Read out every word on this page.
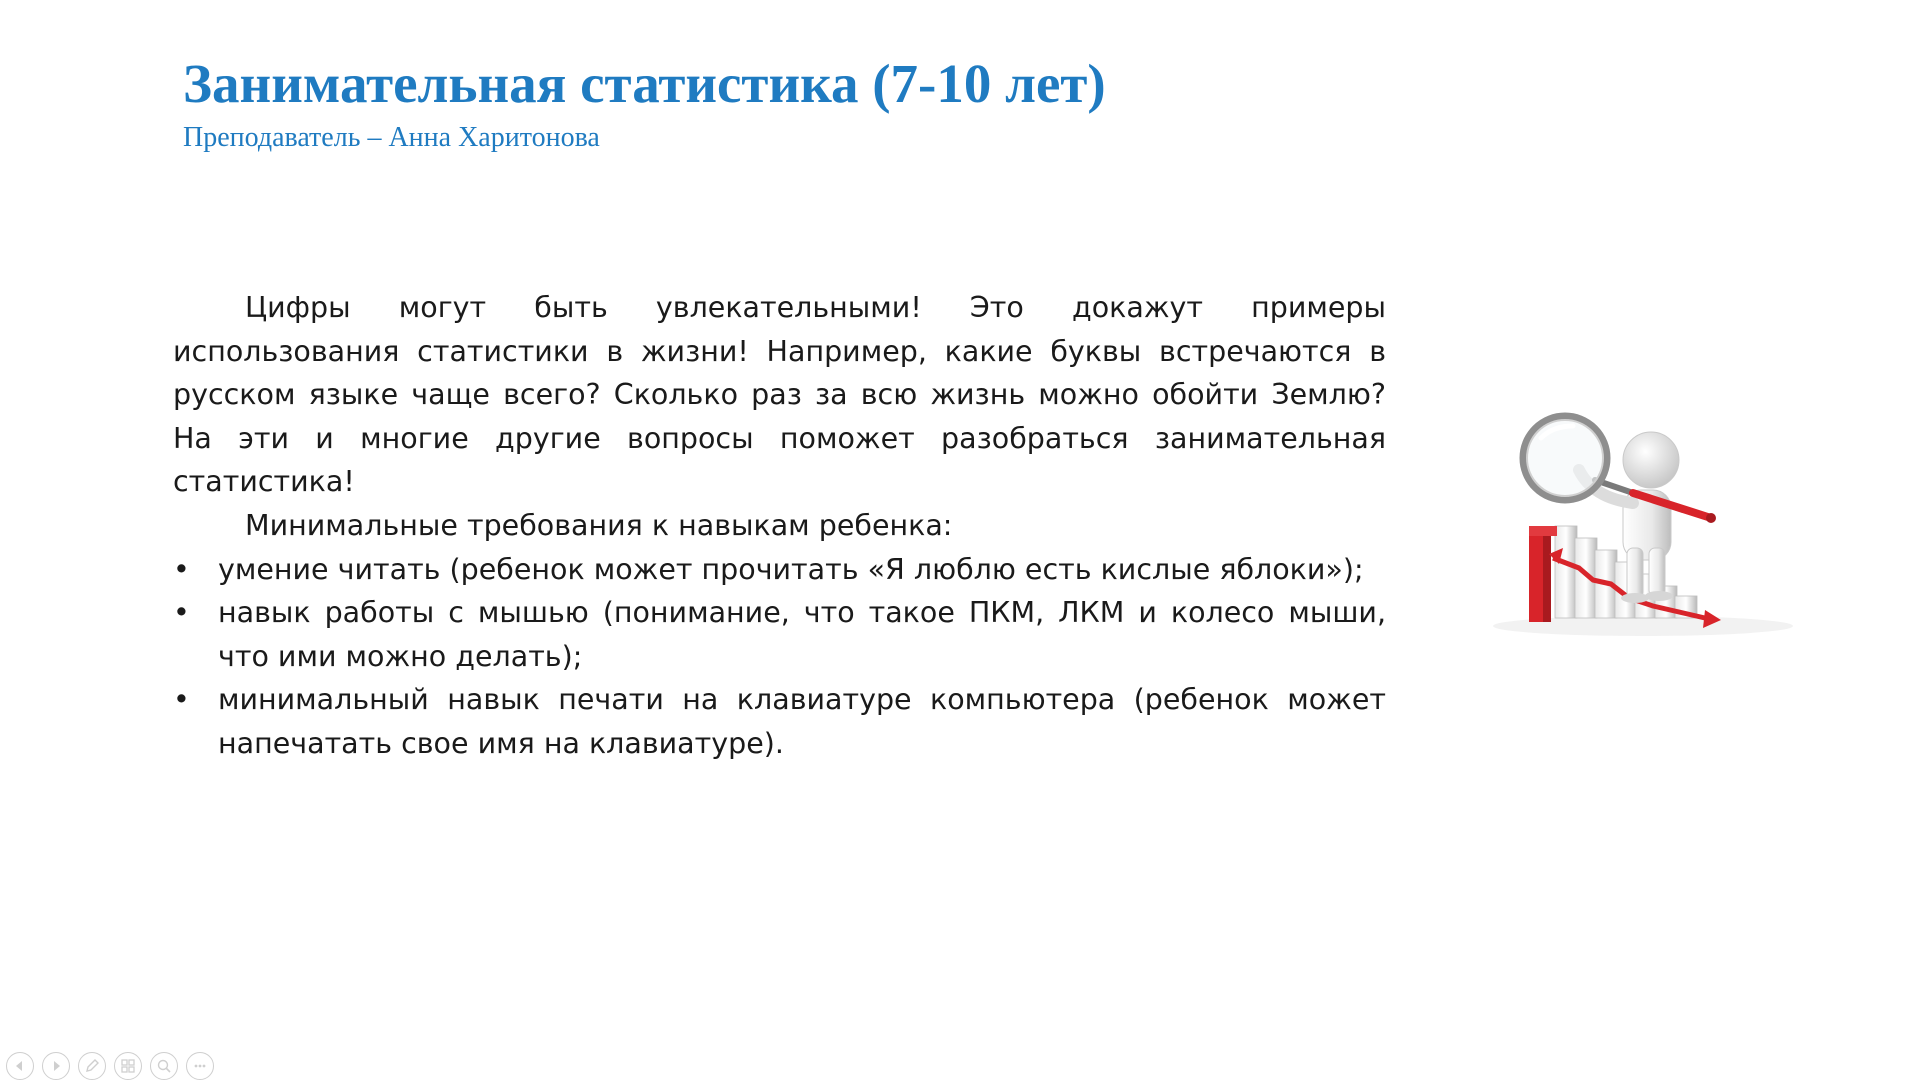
Занимательная статистика (7-10 лет)
Преподаватель – Анна Харитонова

Цифры могут быть увлекательными! Это докажут примеры использования статистики в жизни! Например, какие буквы встречаются в русском языке чаще всего? Сколько раз за всю жизнь можно обойти Землю? На эти и многие другие вопросы поможет разобраться занимательная статистика!

Минимальные требования к навыкам ребенка:

• умение читать (ребенок может прочитать «Я люблю есть кислые яблоки»);
• навык работы с мышью (понимание, что такое ПКМ, ЛКМ и колесо мыши, что ими можно делать);
• минимальный навык печати на клавиатуре компьютера (ребенок может напечатать свое имя на клавиатуре).
